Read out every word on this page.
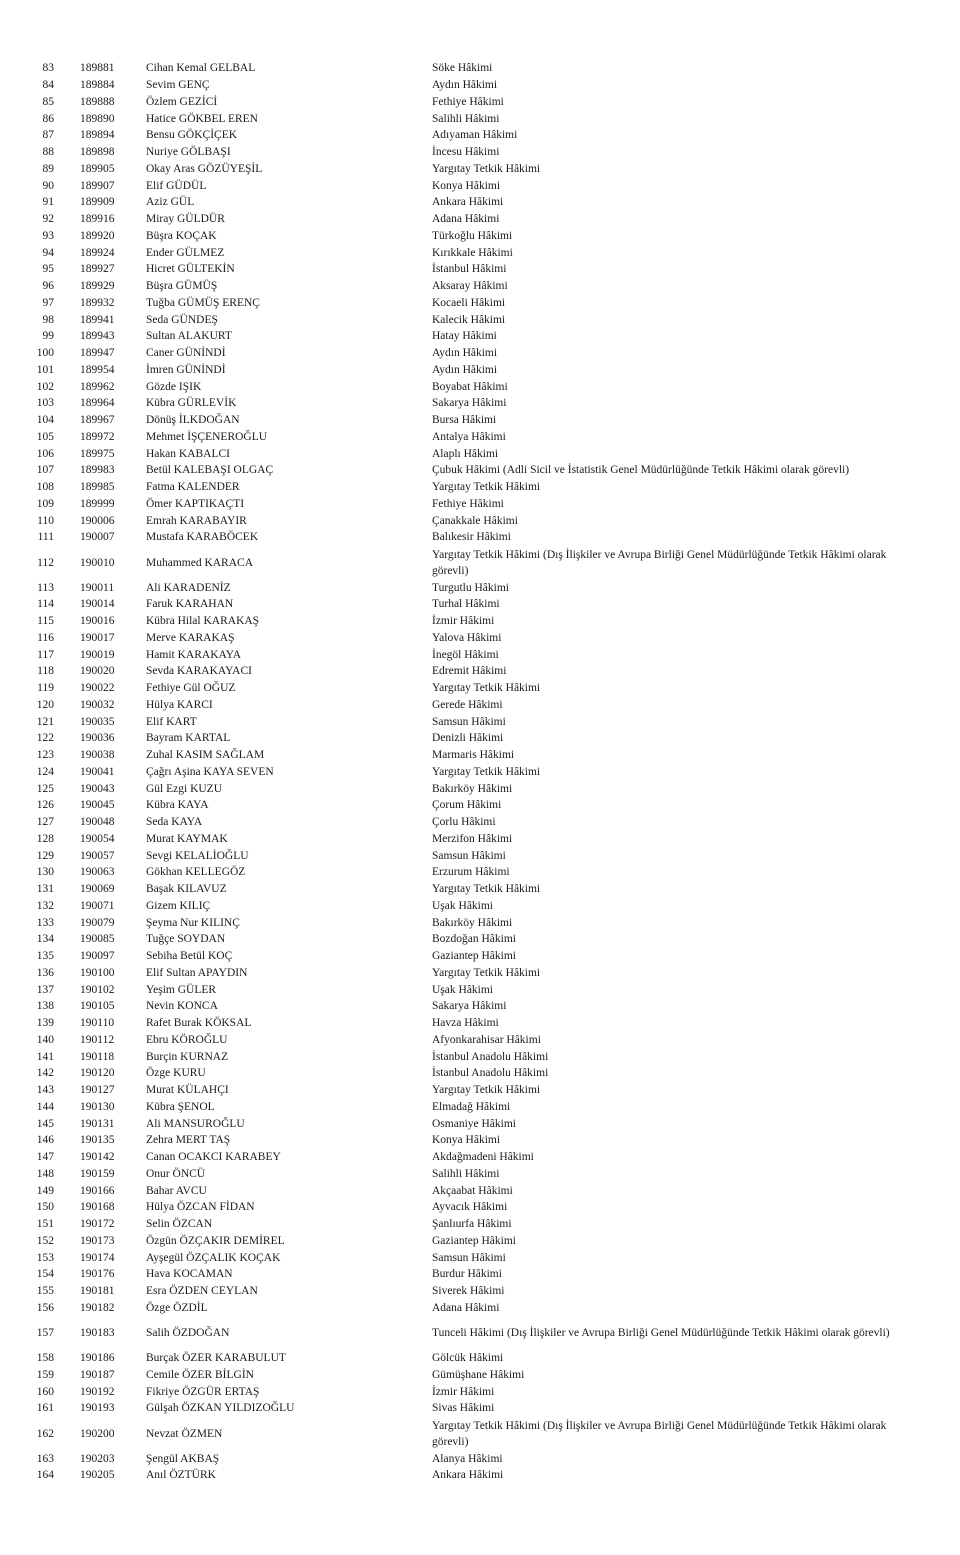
83	189881	Cihan Kemal GELBAL	Söke Hâkimi
84	189884	Sevim GENÇ	Aydın Hâkimi
85	189888	Özlem GEZİCİ	Fethiye Hâkimi
86	189890	Hatice GÖKBEL EREN	Salihli Hâkimi
87	189894	Bensu GÖKÇİÇEK	Adıyaman Hâkimi
88	189898	Nuriye GÖLBAŞI	İncesu Hâkimi
89	189905	Okay Aras GÖZÜYEŞİL	Yargıtay Tetkik Hâkimi
90	189907	Elif GÜDÜL	Konya Hâkimi
91	189909	Aziz GÜL	Ankara Hâkimi
92	189916	Miray GÜLDÜR	Adana Hâkimi
93	189920	Büşra KOÇAK	Türkoğlu Hâkimi
94	189924	Ender GÜLMEZ	Kırıkkale Hâkimi
95	189927	Hicret GÜLTEKİN	İstanbul Hâkimi
96	189929	Büşra GÜMÜŞ	Aksaray Hâkimi
97	189932	Tuğba GÜMÜŞ ERENÇ	Kocaeli Hâkimi
98	189941	Seda GÜNDEŞ	Kalecik Hâkimi
99	189943	Sultan ALAKURT	Hatay Hâkimi
100	189947	Caner GÜNİNDİ	Aydın Hâkimi
101	189954	İmren GÜNİNDİ	Aydın Hâkimi
102	189962	Gözde IŞIK	Boyabat Hâkimi
103	189964	Kübra GÜRLEVİK	Sakarya Hâkimi
104	189967	Dönüş İLKDOĞAN	Bursa Hâkimi
105	189972	Mehmet İŞÇENEROĞLU	Antalya Hâkimi
106	189975	Hakan KABALCI	Alaplı Hâkimi
107	189983	Betül KALEBAŞI OLGAÇ	Çubuk Hâkimi (Adli Sicil ve İstatistik Genel Müdürlüğünde Tetkik Hâkimi olarak görevli)
108	189985	Fatma KALENDER	Yargıtay Tetkik Hâkimi
109	189999	Ömer KAPTIKAÇTI	Fethiye Hâkimi
110	190006	Emrah KARABAYIR	Çanakkale Hâkimi
111	190007	Mustafa KARABÖCEK	Balıkesir Hâkimi
112	190010	Muhammed KARACA
Yargıtay Tetkik Hâkimi (Dış İlişkiler ve Avrupa Birliği Genel Müdürlüğünde Tetkik Hâkimi olarak görevli)
113	190011	Ali KARADENİZ	Turgutlu Hâkimi
114	190014	Faruk KARAHAN	Turhal Hâkimi
115	190016	Kübra Hilal KARAKAŞ	İzmir Hâkimi
116	190017	Merve KARAKAŞ	Yalova Hâkimi
117	190019	Hamit KARAKAYA	İnegöl Hâkimi
118	190020	Sevda KARAKAYACI	Edremit Hâkimi
119	190022	Fethiye Gül OĞUZ	Yargıtay Tetkik Hâkimi
120	190032	Hülya KARCI	Gerede Hâkimi
121	190035	Elif KART	Samsun Hâkimi
122	190036	Bayram KARTAL	Denizli Hâkimi
123	190038	Zuhal KASIM SAĞLAM	Marmaris Hâkimi
124	190041	Çağrı Aşina KAYA SEVEN	Yargıtay Tetkik Hâkimi
125	190043	Gül Ezgi KUZU	Bakırköy Hâkimi
126	190045	Kübra KAYA	Çorum Hâkimi
127	190048	Seda KAYA	Çorlu Hâkimi
128	190054	Murat KAYMAK	Merzifon Hâkimi
129	190057	Sevgi KELALİOĞLU	Samsun Hâkimi
130	190063	Gökhan KELLEGÖZ	Erzurum Hâkimi
131	190069	Başak KILAVUZ	Yargıtay Tetkik Hâkimi
132	190071	Gizem KILIÇ	Uşak Hâkimi
133	190079	Şeyma Nur KILINÇ	Bakırköy Hâkimi
134	190085	Tuğçe SOYDAN	Bozdoğan Hâkimi
135	190097	Sebiha Betül KOÇ	Gaziantep Hâkimi
136	190100	Elif Sultan APAYDIN	Yargıtay Tetkik Hâkimi
137	190102	Yeşim GÜLER	Uşak Hâkimi
138	190105	Nevin KONCA	Sakarya Hâkimi
139	190110	Rafet Burak KÖKSAL	Havza Hâkimi
140	190112	Ebru KÖROĞLU	Afyonkarahisar Hâkimi
141	190118	Burçin KURNAZ	İstanbul Anadolu Hâkimi
142	190120	Özge KURU	İstanbul Anadolu Hâkimi
143	190127	Murat KÜLAHÇI	Yargıtay Tetkik Hâkimi
144	190130	Kübra ŞENOL	Elmadağ Hâkimi
145	190131	Ali MANSUROĞLU	Osmaniye Hâkimi
146	190135	Zehra MERT TAŞ	Konya Hâkimi
147	190142	Canan OCAKCI KARABEY	Akdağmadeni Hâkimi
148	190159	Onur ÖNCÜ	Salihli Hâkimi
149	190166	Bahar AVCU	Akçaabat Hâkimi
150	190168	Hülya ÖZCAN FİDAN	Ayvacık Hâkimi
151	190172	Selin ÖZCAN	Şanlıurfa Hâkimi
152	190173	Özgün ÖZÇAKIR DEMİREL	Gaziantep Hâkimi
153	190174	Ayşegül ÖZÇALIK KOÇAK	Samsun Hâkimi
154	190176	Hava KOCAMAN	Burdur Hâkimi
155	190181	Esra ÖZDEN CEYLAN	Siverek Hâkimi
156	190182	Özge ÖZDİL	Adana Hâkimi
157	190183	Salih ÖZDOĞAN	Tunceli Hâkimi (Dış İlişkiler ve Avrupa Birliği Genel Müdürlüğünde Tetkik Hâkimi olarak görevli)
158	190186	Burçak ÖZER KARABULUT	Gölcük Hâkimi
159	190187	Cemile ÖZER BİLGİN	Gümüşhane Hâkimi
160	190192	Fikriye ÖZGÜR ERTAŞ	İzmir Hâkimi
161	190193	Gülşah ÖZKAN YILDIZOĞLU	Sivas Hâkimi
162	190200	Nevzat ÖZMEN
Yargıtay Tetkik Hâkimi (Dış İlişkiler ve Avrupa Birliği Genel Müdürlüğünde Tetkik Hâkimi olarak görevli)
163	190203	Şengül AKBAŞ	Alanya Hâkimi
164	190205	Anıl ÖZTÜRK	Ankara Hâkimi
